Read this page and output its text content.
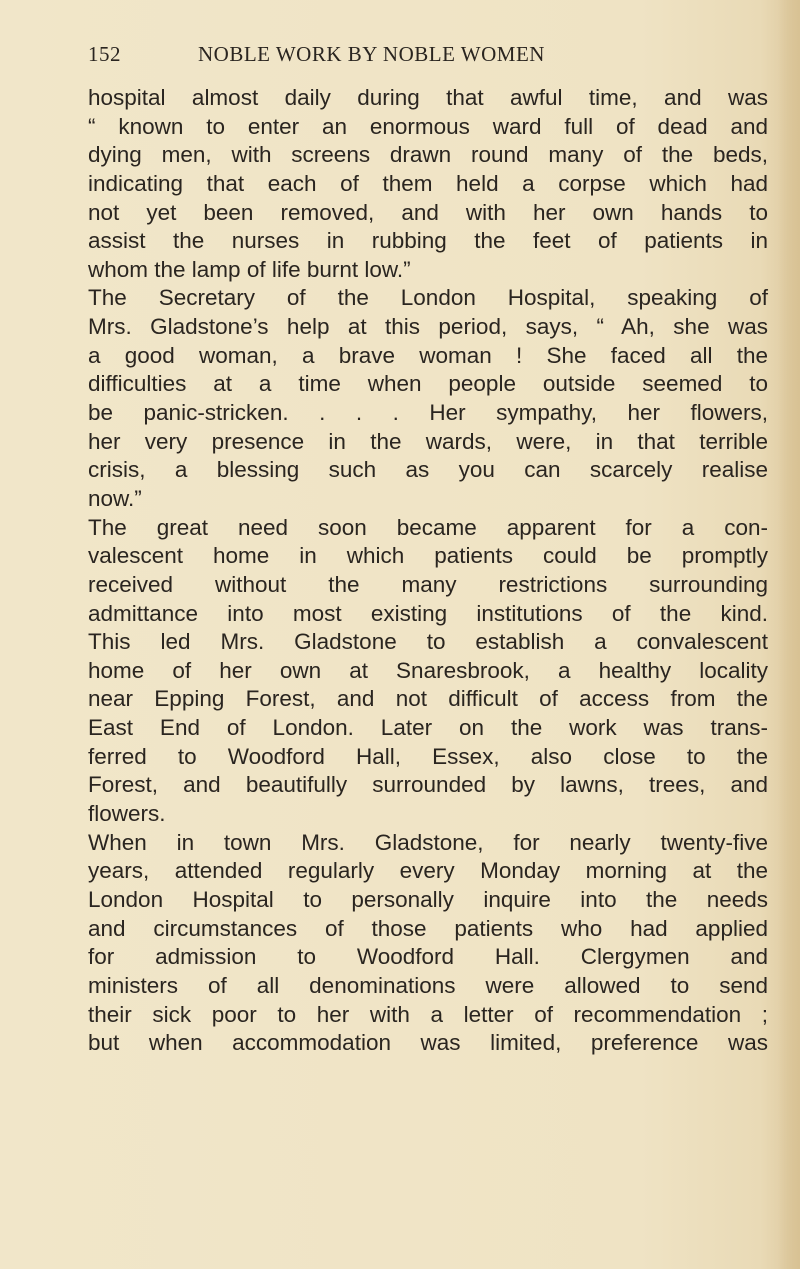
152	NOBLE WORK BY NOBLE WOMEN
hospital almost daily during that awful time, and was
“ known to enter an enormous ward full of dead and
dying men, with screens drawn round many of the beds,
indicating that each of them held a corpse which had
not yet been removed, and with her own hands to
assist the nurses in rubbing the feet of patients in
whom the lamp of life burnt low.”
The Secretary of the London Hospital, speaking of
Mrs. Gladstone’s help at this period, says, “ Ah, she was
a good woman, a brave woman ! She faced all the
difficulties at a time when people outside seemed to
be panic-stricken. . . . Her sympathy, her flowers,
her very presence in the wards, were, in that terrible
crisis, a blessing such as you can scarcely realise
now.”
The great need soon became apparent for a con-
valescent home in which patients could be promptly
received without the many restrictions surrounding
admittance into most existing institutions of the kind.
This led Mrs. Gladstone to establish a convalescent
home of her own at Snaresbrook, a healthy locality
near Epping Forest, and not difficult of access from the
East End of London. Later on the work was trans-
ferred to Woodford Hall, Essex, also close to the
Forest, and beautifully surrounded by lawns, trees, and
flowers.
When in town Mrs. Gladstone, for nearly twenty-five
years, attended regularly every Monday morning at the
London Hospital to personally inquire into the needs
and circumstances of those patients who had applied
for admission to Woodford Hall. Clergymen and
ministers of all denominations were allowed to send
their sick poor to her with a letter of recommendation ;
but when accommodation was limited, preference was
